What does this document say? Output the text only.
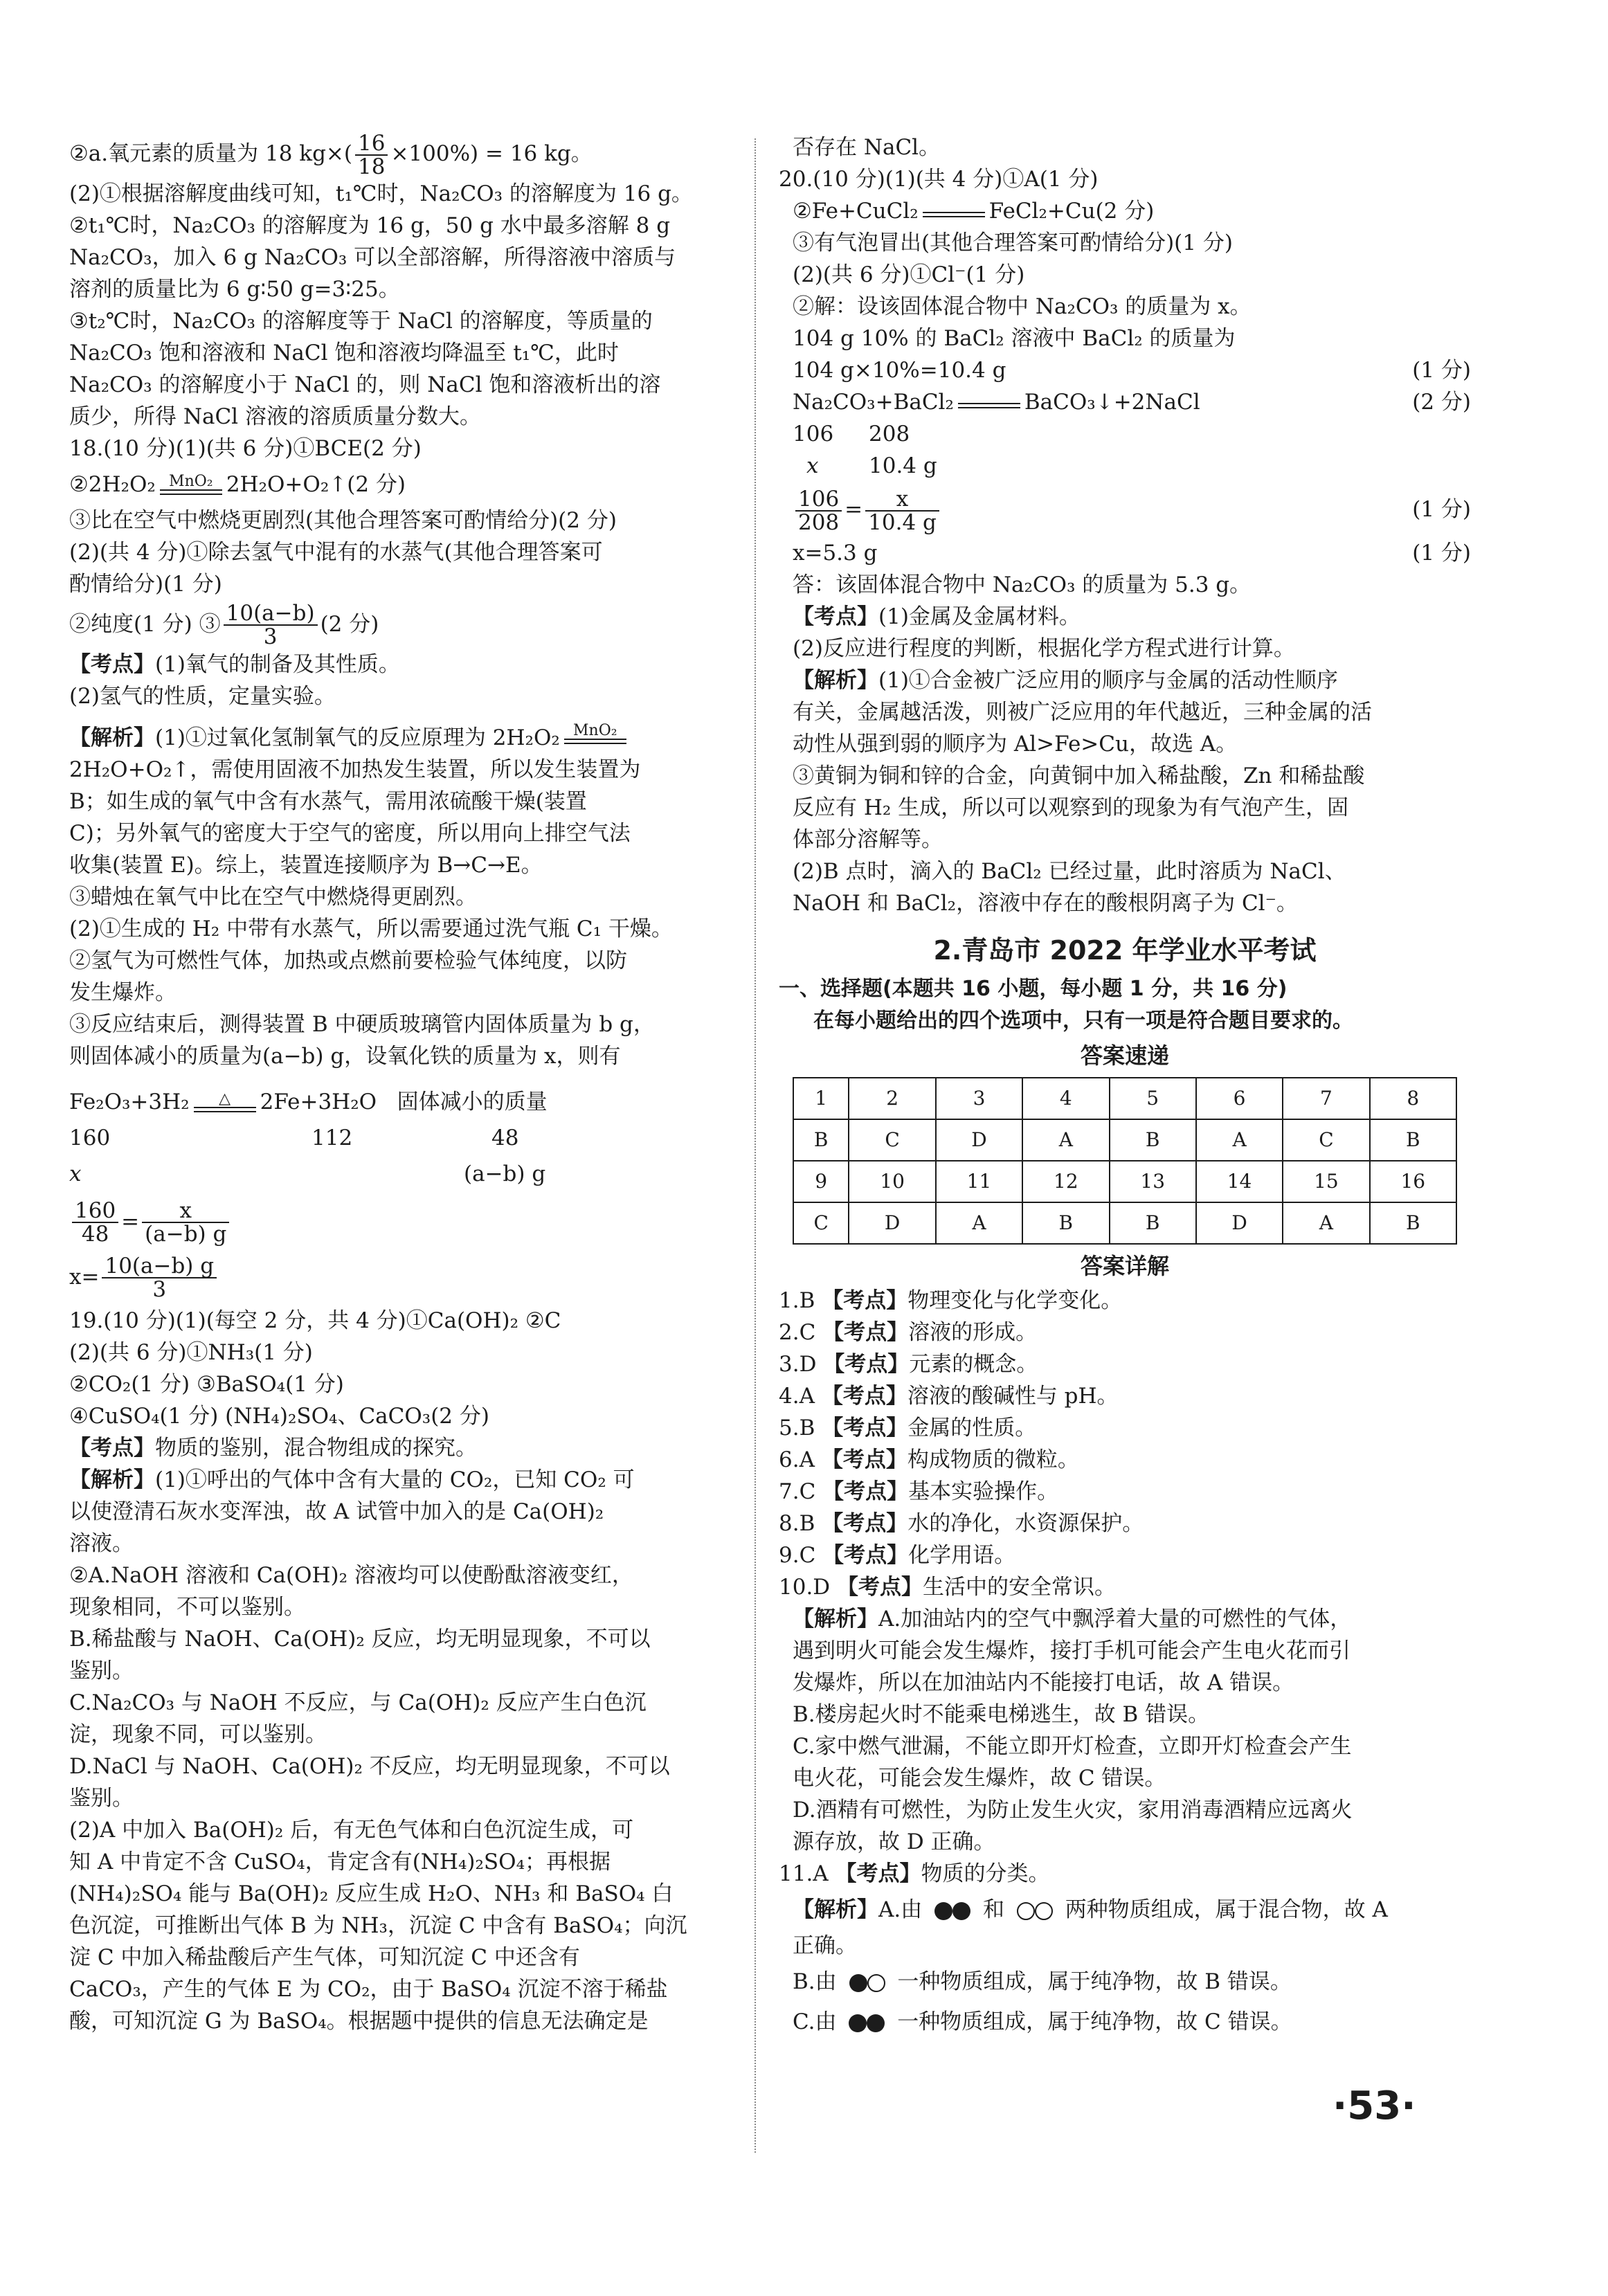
②a.氧元素的质量为 18 $kg\times( \frac{16}{18} \times 100\%) = 16$ kg。
(2)①根据溶解度曲线可知，t₁℃时，Na₂CO₃ 的溶解度为 16 g。
②t₁℃时，Na₂CO₃ 的溶解度为 16 g，50 g 水中最多溶解 8 g
Na₂CO₃，加入 6 g Na₂CO₃ 可以全部溶解，所得溶液中溶质与
溶剂的质量比为 6 g∶50 g=3∶25。
③t₂℃时，Na₂CO₃ 的溶解度等于 NaCl 的溶解度，等质量的
Na₂CO₃ 饱和溶液和 NaCl 饱和溶液均降温至 t₁℃，此时
Na₂CO₃ 的溶解度小于 NaCl 的，则 NaCl 饱和溶液析出的溶
质少，所得 NaCl 溶液的溶质质量分数大。
18.(10 分)(1)(共 6 分)①BCE(2 分)
②2H₂O₂ MnO₂ 2H₂O+O₂↑(2 分)
③比在空气中燃烧更剧烈(其他合理答案可酌情给分)(2 分)
(2)(共 4 分)①除去氢气中混有的水蒸气(其他合理答案可
酌情给分)(1 分)
②纯度(1 分) ③ $\frac{10(a-b)}{3} (2$ 分)
【考点】(1)氧气的制备及其性质。
(2)氢气的性质，定量实验。
【解析】(1)①过氧化氢制氧气的反应原理为 2H₂O₂ MnO₂
2H₂O+O₂↑，需使用固液不加热发生装置，所以发生装置为
B；如生成的氧气中含有水蒸气，需用浓硫酸干燥(装置
C)；另外氧气的密度大于空气的密度，所以用向上排空气法
收集(装置 E)。综上，装置连接顺序为 B→C→E。
③蜡烛在氧气中比在空气中燃烧得更剧烈。
(2)①生成的 H₂ 中带有水蒸气，所以需要通过洗气瓶 C₁ 干燥。
②氢气为可燃性气体，加热或点燃前要检验气体纯度，以防
发生爆炸。
③反应结束后，测得装置 B 中硬质玻璃管内固体质量为 b g，
则固体减小的质量为(a−b) g，设氧化铁的质量为 x，则有
Fe₂O₃+3H₂	△	2Fe+3H₂O 固体减小的质量
160	112	48
x	(a−b) g
$\frac{160}{48} = \frac{x}{(a-b) g}$
$x= \frac{10(a-b) g}{3}$
19.(10 分)(1)(每空 2 分，共 4 分)①Ca(OH)₂ ②C
(2)(共 6 分)①NH₃(1 分)
②CO₂(1 分) ③BaSO₄(1 分)
④CuSO₄(1 分) (NH₄)₂SO₄、CaCO₃(2 分)
【考点】物质的鉴别，混合物组成的探究。
【解析】(1)①呼出的气体中含有大量的 CO₂，已知 CO₂ 可
以使澄清石灰水变浑浊，故 A 试管中加入的是 Ca(OH)₂
溶液。
②A.NaOH 溶液和 Ca(OH)₂ 溶液均可以使酚酞溶液变红，
现象相同，不可以鉴别。
B.稀盐酸与 NaOH、Ca(OH)₂ 反应，均无明显现象，不可以
鉴别。
C.Na₂CO₃ 与 NaOH 不反应，与 Ca(OH)₂ 反应产生白色沉
淀，现象不同，可以鉴别。
D.NaCl 与 NaOH、Ca(OH)₂ 不反应，均无明显现象，不可以
鉴别。
(2)A 中加入 Ba(OH)₂ 后，有无色气体和白色沉淀生成，可
知 A 中肯定不含 CuSO₄，肯定含有(NH₄)₂SO₄；再根据
(NH₄)₂SO₄ 能与 Ba(OH)₂ 反应生成 H₂O、NH₃ 和 BaSO₄ 白
色沉淀，可推断出气体 B 为 NH₃，沉淀 C 中含有 BaSO₄；向沉
淀 C 中加入稀盐酸后产生气体，可知沉淀 C 中还含有
CaCO₃，产生的气体 E 为 CO₂，由于 BaSO₄ 沉淀不溶于稀盐
酸，可知沉淀 G 为 BaSO₄。根据题中提供的信息无法确定是
否存在 NaCl。
20.(10 分)(1)(共 4 分)①A(1 分)
②Fe+CuCl₂	FeCl₂+Cu(2 分)
③有气泡冒出(其他合理答案可酌情给分)(1 分)
(2)(共 6 分)①Cl⁻(1 分)
②解：设该固体混合物中 Na₂CO₃ 的质量为 x。
104 g 10% 的 BaCl₂ 溶液中 BaCl₂ 的质量为
104 g×10%=10.4 g	(1 分)
Na₂CO₃+BaCl₂	BaCO₃↓+2NaCl	(2 分)
106	208
x	10.4 g
$\frac{106}{208} = \frac{x}{10.4 g}$	(1 分)
x=5.3 g	(1 分)
答：该固体混合物中 Na₂CO₃ 的质量为 5.3 g。
【考点】(1)金属及金属材料。
(2)反应进行程度的判断，根据化学方程式进行计算。
【解析】(1)①合金被广泛应用的顺序与金属的活动性顺序
有关，金属越活泼，则被广泛应用的年代越近，三种金属的活
动性从强到弱的顺序为 Al>Fe>Cu，故选 A。
③黄铜为铜和锌的合金，向黄铜中加入稀盐酸，Zn 和稀盐酸
反应有 H₂ 生成，所以可以观察到的现象为有气泡产生，固
体部分溶解等。
(2)B 点时，滴入的 BaCl₂ 已经过量，此时溶质为 NaCl、
NaOH 和 BaCl₂，溶液中存在的酸根阴离子为 Cl⁻。
2.青岛市 2022 年学业水平考试
一、选择题(本题共 16 小题，每小题 1 分，共 16 分)
在每小题给出的四个选项中，只有一项是符合题目要求的。
答案速递
1	2	3	4	5	6	7	8
B	C	D	A	B	A	C	B
9	10	11	12	13	14	15	16
C	D	A	B	B	D	A	B
答案详解
1.B 【考点】物理变化与化学变化。
2.C 【考点】溶液的形成。
3.D 【考点】元素的概念。
4.A 【考点】溶液的酸碱性与 pH。
5.B 【考点】金属的性质。
6.A 【考点】构成物质的微粒。
7.C 【考点】基本实验操作。
8.B 【考点】水的净化，水资源保护。
9.C 【考点】化学用语。
10.D 【考点】生活中的安全常识。
【解析】A.加油站内的空气中飘浮着大量的可燃性的气体，
遇到明火可能会发生爆炸，接打手机可能会产生电火花而引
发爆炸，所以在加油站内不能接打电话，故 A 错误。
B.楼房起火时不能乘电梯逃生，故 B 错误。
C.家中燃气泄漏，不能立即开灯检查，立即开灯检查会产生
电火花，可能会发生爆炸，故 C 错误。
D.酒精有可燃性，为防止发生火灾，家用消毒酒精应远离火
源存放，故 D 正确。
11.A 【考点】物质的分类。
【解析】A.由	和	两种物质组成，属于混合物，故 A
正确。
B.由	一种物质组成，属于纯净物，故 B 错误。
C.由	一种物质组成，属于纯净物，故 C 错误。
·53·
